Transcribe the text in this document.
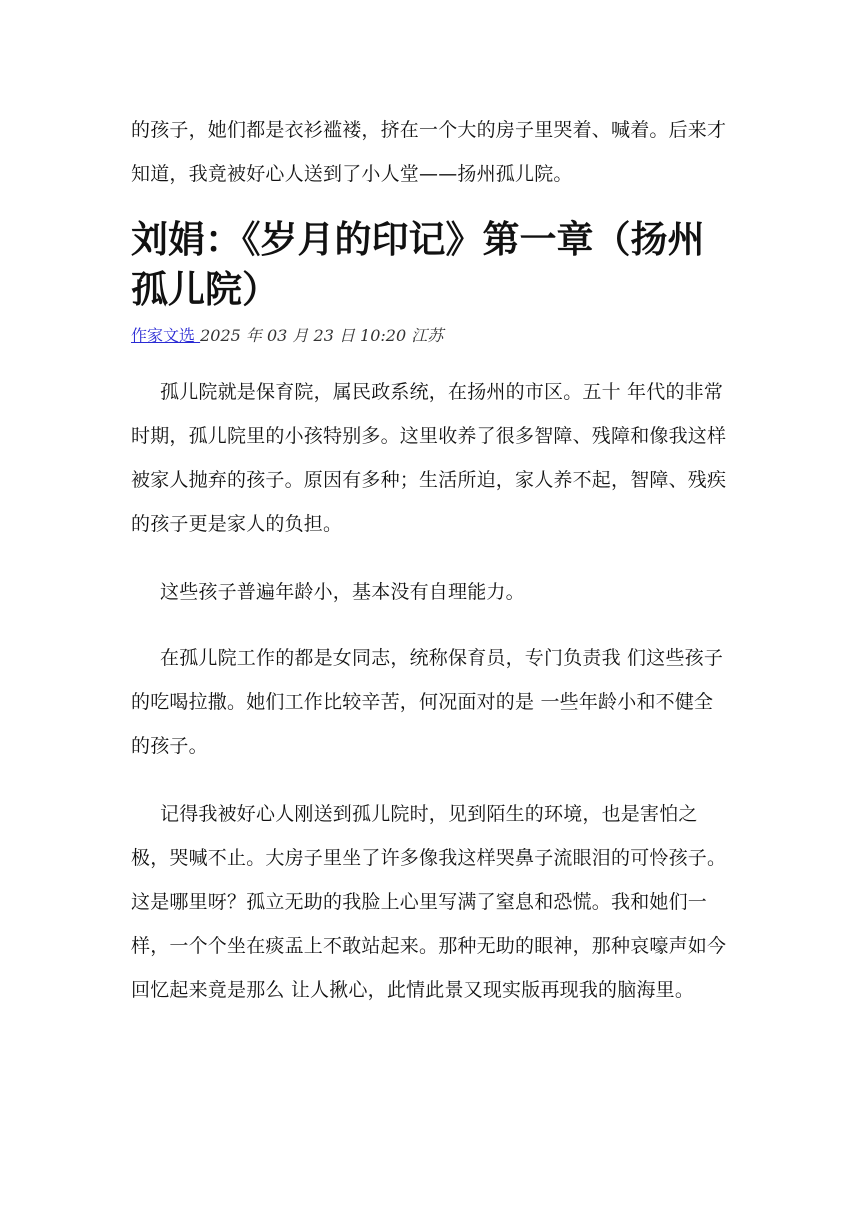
的孩子，她们都是衣衫褴褛，挤在一个大的房子里哭着、喊着。后来才知道，我竟被好心人送到了小人堂——扬州孤儿院。

刘娟：《岁月的印记》第一章（扬州孤儿院）
作家文选 2025 年 03 月 23 日 10:20 江苏

孤儿院就是保育院，属民政系统，在扬州的市区。五十 年代的非常时期，孤儿院里的小孩特别多。这里收养了很多智障、残障和像我这样被家人抛弃的孩子。原因有多种；生活所迫，家人养不起，智障、残疾的孩子更是家人的负担。

这些孩子普遍年龄小，基本没有自理能力。

在孤儿院工作的都是女同志，统称保育员，专门负责我 们这些孩子的吃喝拉撒。她们工作比较辛苦，何况面对的是 一些年龄小和不健全的孩子。

记得我被好心人刚送到孤儿院时，见到陌生的环境，也是害怕之极，哭喊不止。大房子里坐了许多像我这样哭鼻子流眼泪的可怜孩子。这是哪里呀？孤立无助的我脸上心里写满了窒息和恐慌。我和她们一样，一个个坐在痰盂上不敢站起来。那种无助的眼神，那种哀嚎声如今回忆起来竟是那么 让人揪心，此情此景又现实版再现我的脑海里。
